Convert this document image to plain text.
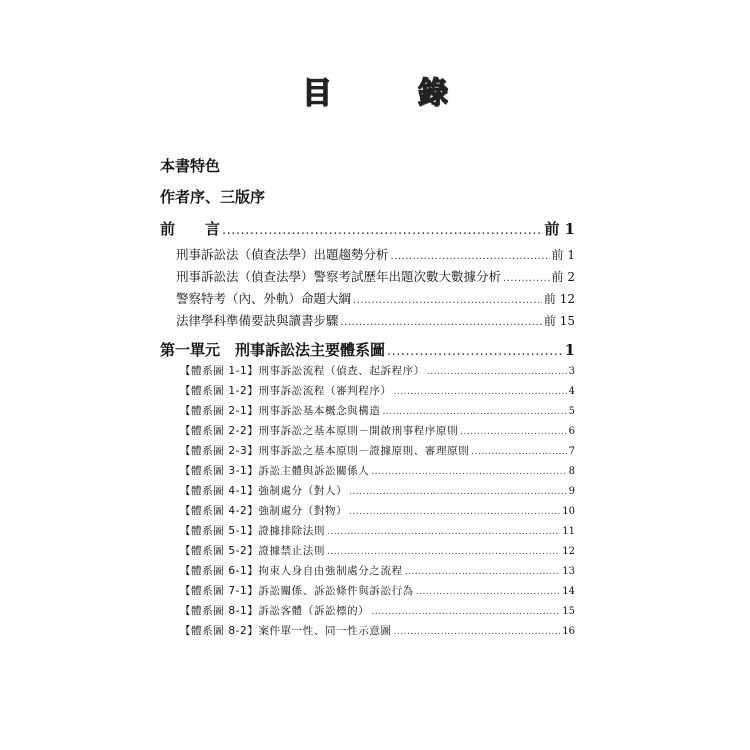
目　錄
本書特色
作者序、三版序
前　　言 .....	前 1
刑事訴訟法（偵查法學）出題趨勢分析 .....	前 1
刑事訴訟法（偵查法學）警察考試歷年出題次數大數據分析 .....	前 2
警察特考（內、外軌）命題大綱 .....	前 12
法律學科準備要訣與讀書步驟 .....	前 15
第一單元　刑事訴訟法主要體系圖 .....	1
【體系圖 1-1】刑事訴訟流程（偵查、起訴程序） .....	3
【體系圖 1-2】刑事訴訟流程（審判程序） .....	4
【體系圖 2-1】刑事訴訟基本概念與構造 .....	5
【體系圖 2-2】刑事訴訟之基本原則－開啟刑事程序原則 .....	6
【體系圖 2-3】刑事訴訟之基本原則－證據原則、審理原則 .....	7
【體系圖 3-1】訴訟主體與訴訟關係人 .....	8
【體系圖 4-1】強制處分（對人） .....	9
【體系圖 4-2】強制處分（對物） .....	10
【體系圖 5-1】證據排除法則 .....	11
【體系圖 5-2】證據禁止法則 .....	12
【體系圖 6-1】拘束人身自由強制處分之流程 .....	13
【體系圖 7-1】訴訟關係、訴訟條件與訴訟行為 .....	14
【體系圖 8-1】訴訟客體（訴訟標的） .....	15
【體系圖 8-2】案件單一性、同一性示意圖 .....	16
